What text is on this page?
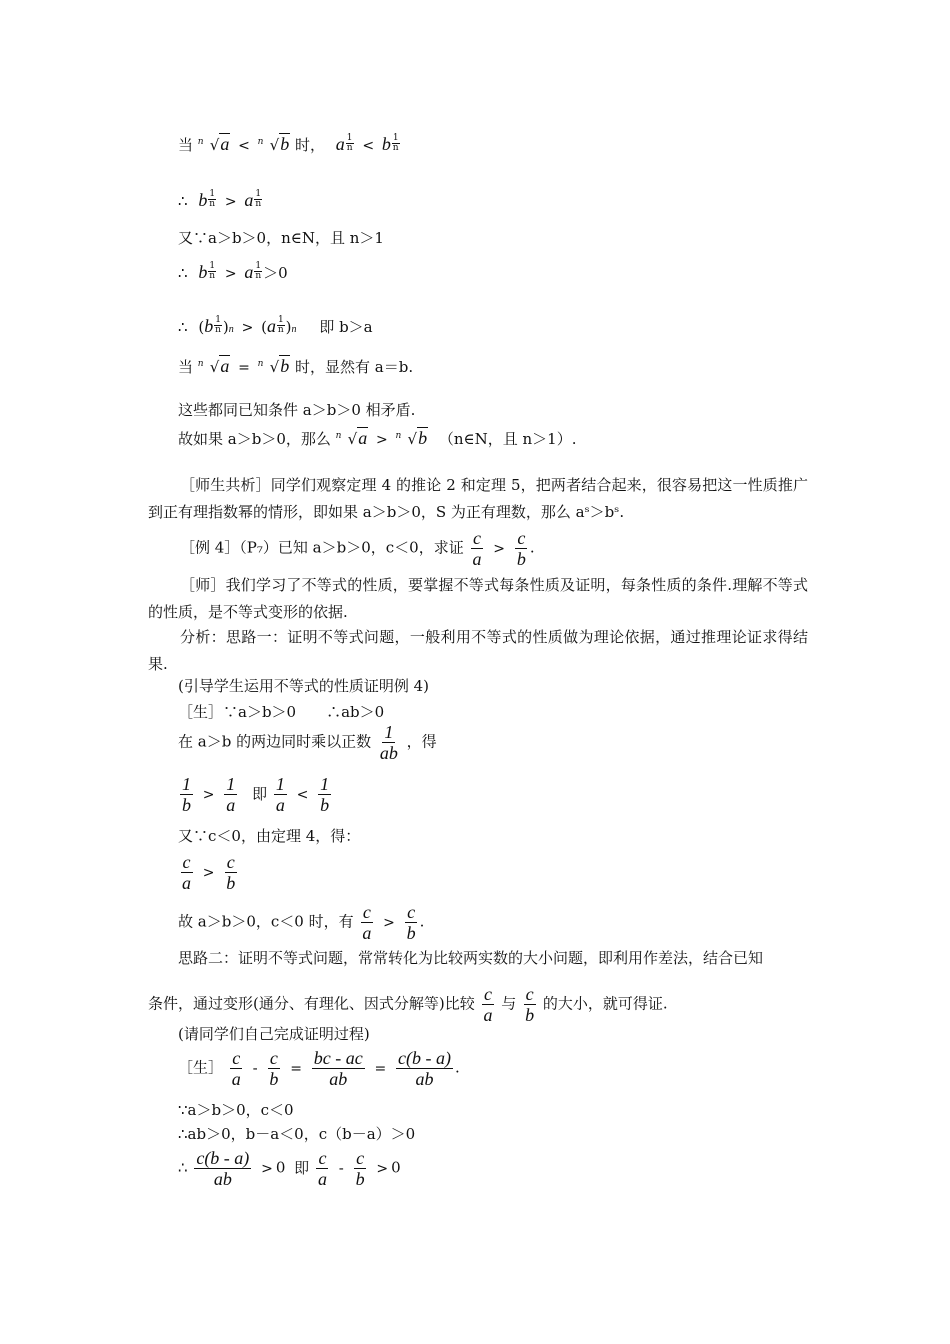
当 n √a < n √b 时， a $\frac{1}{n} < b \frac{1}{n}$
∴ b $\frac{1}{n} > a \frac{1}{n}$
又∵a＞b＞0，n∈N，且 n＞1
∴ b $\frac{1}{n} > a \frac{1}{n} >0$
∴ $(b \frac{1}{n} )n > (a \frac{1}{n} )n$ 即 b＞a
当 n √a = n √b 时，显然有 a＝b.
这些都同已知条件 a＞b＞0 相矛盾.
故如果 a＞b＞0，那么 n √a > n √b （n∈N，且 n＞1）.
［师生共析］同学们观察定理 4 的推论 2 和定理 5，把两者结合起来，很容易把这一性质推广到正有理指数幂的情形，即如果 a＞b＞0，S 为正有理数，那么 aˢ＞bˢ.
［例 4］（P₇）已知 a＞b＞0，c＜0，求证 $\frac{c}{a} > \frac{c}{b}$ .
［师］我们学习了不等式的性质，要掌握不等式每条性质及证明，每条性质的条件.理解不等式的性质，是不等式变形的依据.
分析：思路一：证明不等式问题，一般利用不等式的性质做为理论依据，通过推理论证求得结果.
(引导学生运用不等式的性质证明例 4)
［生］∵a＞b＞0　　∴ab＞0
在 a＞b 的两边同时乘以正数 $\frac{1}{ab}$ ，得
$\frac{1}{b} > \frac{1}{a}$ 即 $\frac{1}{a} < \frac{1}{b}$
又∵c＜0，由定理 4，得：
$\frac{c}{a} > \frac{c}{b}$
故 a＞b＞0，c＜0 时，有 $\frac{c}{a} > \frac{c}{b}$ .
思路二：证明不等式问题，常常转化为比较两实数的大小问题，即利用作差法，结合已知
条件，通过变形(通分、有理化、因式分解等)比较 $\frac{c}{a}$ 与 $\frac{c}{b}$ 的大小，就可得证.
(请同学们自己完成证明过程)
［生］ $\frac{c}{a} - \frac{c}{b} = \frac{bc - ac}{ab} = \frac{c(b - a)}{ab}$ .
∵a＞b＞0，c＜0
∴ab＞0，b－a＜0，c（b－a）＞0
∴ $\frac{c(b - a)}{ab} > 0$ 即 $\frac{c}{a} - \frac{c}{b} > 0$
